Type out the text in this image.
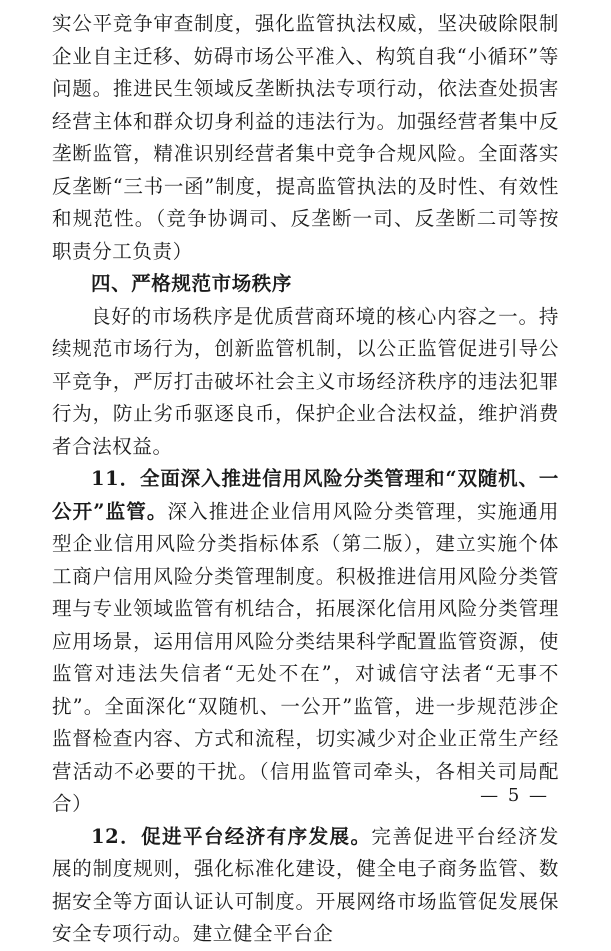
实公平竞争审查制度，强化监管执法权威，坚决破除限制企业自主迁移、妨碍市场公平准入、构筑自我“小循环”等问题。推进民生领域反垄断执法专项行动，依法查处损害经营主体和群众切身利益的违法行为。加强经营者集中反垄断监管，精准识别经营者集中竞争合规风险。全面落实反垄断“三书一函”制度，提高监管执法的及时性、有效性和规范性。（竞争协调司、反垄断一司、反垄断二司等按职责分工负责）

四、严格规范市场秩序

良好的市场秩序是优质营商环境的核心内容之一。持续规范市场行为，创新监管机制，以公正监管促进引导公平竞争，严厉打击破坏社会主义市场经济秩序的违法犯罪行为，防止劣币驱逐良币，保护企业合法权益，维护消费者合法权益。

11．全面深入推进信用风险分类管理和“双随机、一公开”监管。深入推进企业信用风险分类管理，实施通用型企业信用风险分类指标体系（第二版），建立实施个体工商户信用风险分类管理制度。积极推进信用风险分类管理与专业领域监管有机结合，拓展深化信用风险分类管理应用场景，运用信用风险分类结果科学配置监管资源，使监管对违法失信者“无处不在”，对诚信守法者“无事不扰”。全面深化“双随机、一公开”监管，进一步规范涉企监督检查内容、方式和流程，切实减少对企业正常生产经营活动不必要的干扰。（信用监管司牵头，各相关司局配合）

12．促进平台经济有序发展。完善促进平台经济发展的制度规则，强化标准化建设，健全电子商务监管、数据安全等方面认证认可制度。开展网络市场监管促发展保安全专项行动。建立健全平台企

— 5 —
